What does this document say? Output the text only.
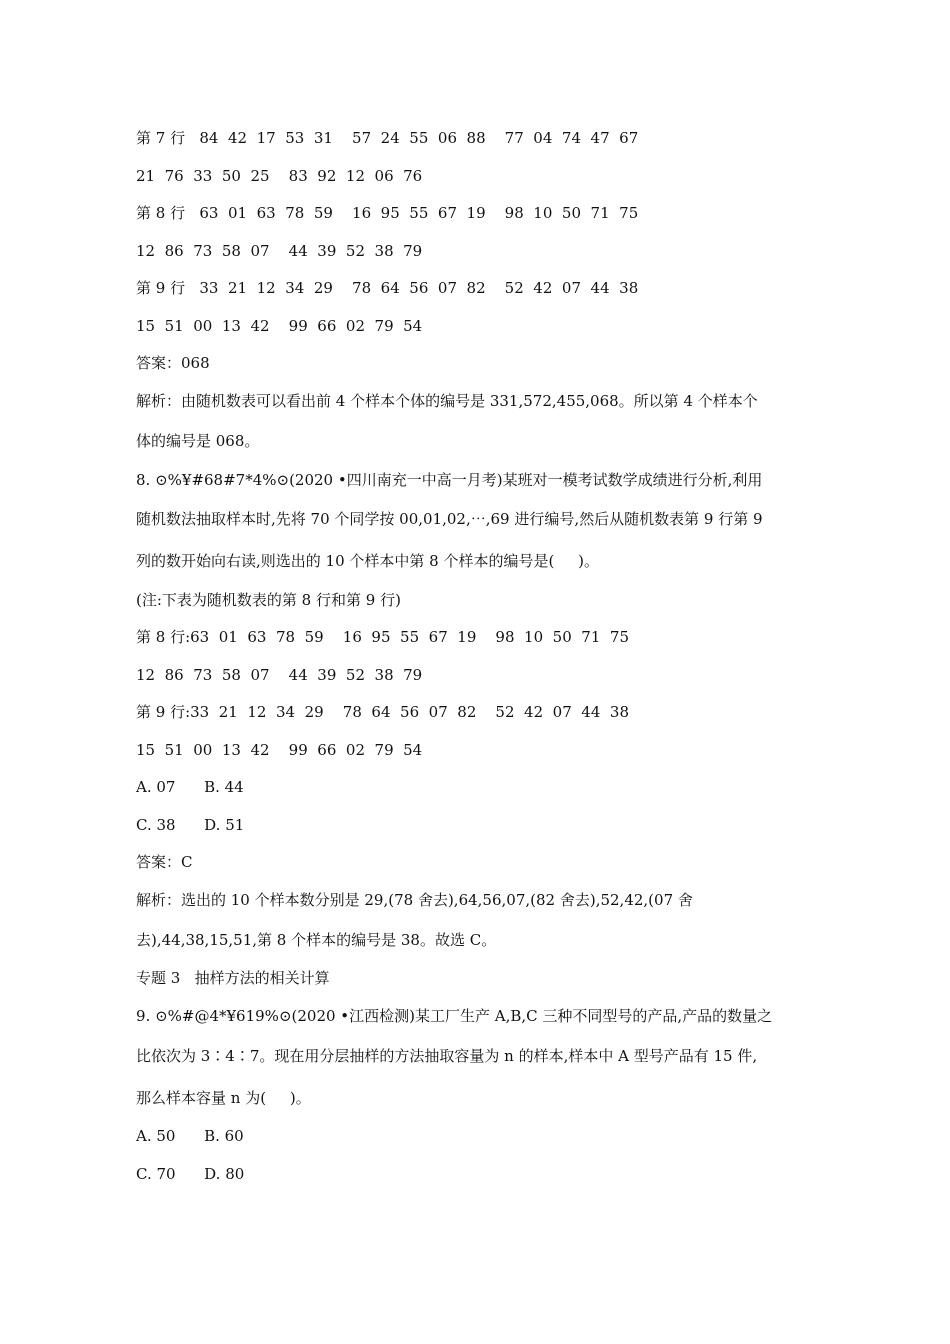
第 7 行   84  42  17  53  31    57  24  55  06  88    77  04  74  47  67
21  76  33  50  25    83  92  12  06  76
第 8 行   63  01  63  78  59    16  95  55  67  19    98  10  50  71  75
12  86  73  58  07    44  39  52  38  79
第 9 行   33  21  12  34  29    78  64  56  07  82    52  42  07  44  38
15  51  00  13  42    99  66  02  79  54
答案：068
解析：由随机数表可以看出前 4 个样本个体的编号是 331,572,455,068。所以第 4 个样本个
体的编号是 068。
8. ⊙%¥#68#7*4%⊙(2020 •四川南充一中高一月考)某班对一模考试数学成绩进行分析,利用
随机数法抽取样本时,先将 70 个同学按 00,01,02,⋯,69 进行编号,然后从随机数表第 9 行第 9
列的数开始向右读,则选出的 10 个样本中第 8 个样本的编号是(     )。
(注:下表为随机数表的第 8 行和第 9 行)
第 8 行:63  01  63  78  59    16  95  55  67  19    98  10  50  71  75
12  86  73  58  07    44  39  52  38  79
第 9 行:33  21  12  34  29    78  64  56  07  82    52  42  07  44  38
15  51  00  13  42    99  66  02  79  54
A. 07      B. 44
C. 38      D. 51
答案：C
解析：选出的 10 个样本数分别是 29,(78 舍去),64,56,07,(82 舍去),52,42,(07 舍
去),44,38,15,51,第 8 个样本的编号是 38。故选 C。
专题 3   抽样方法的相关计算
9. ⊙%#@4*¥619%⊙(2020 •江西检测)某工厂生产 A,B,C 三种不同型号的产品,产品的数量之
比依次为 3∶4∶7。现在用分层抽样的方法抽取容量为 n 的样本,样本中 A 型号产品有 15 件,
那么样本容量 n 为(     )。
A. 50      B. 60
C. 70      D. 80
